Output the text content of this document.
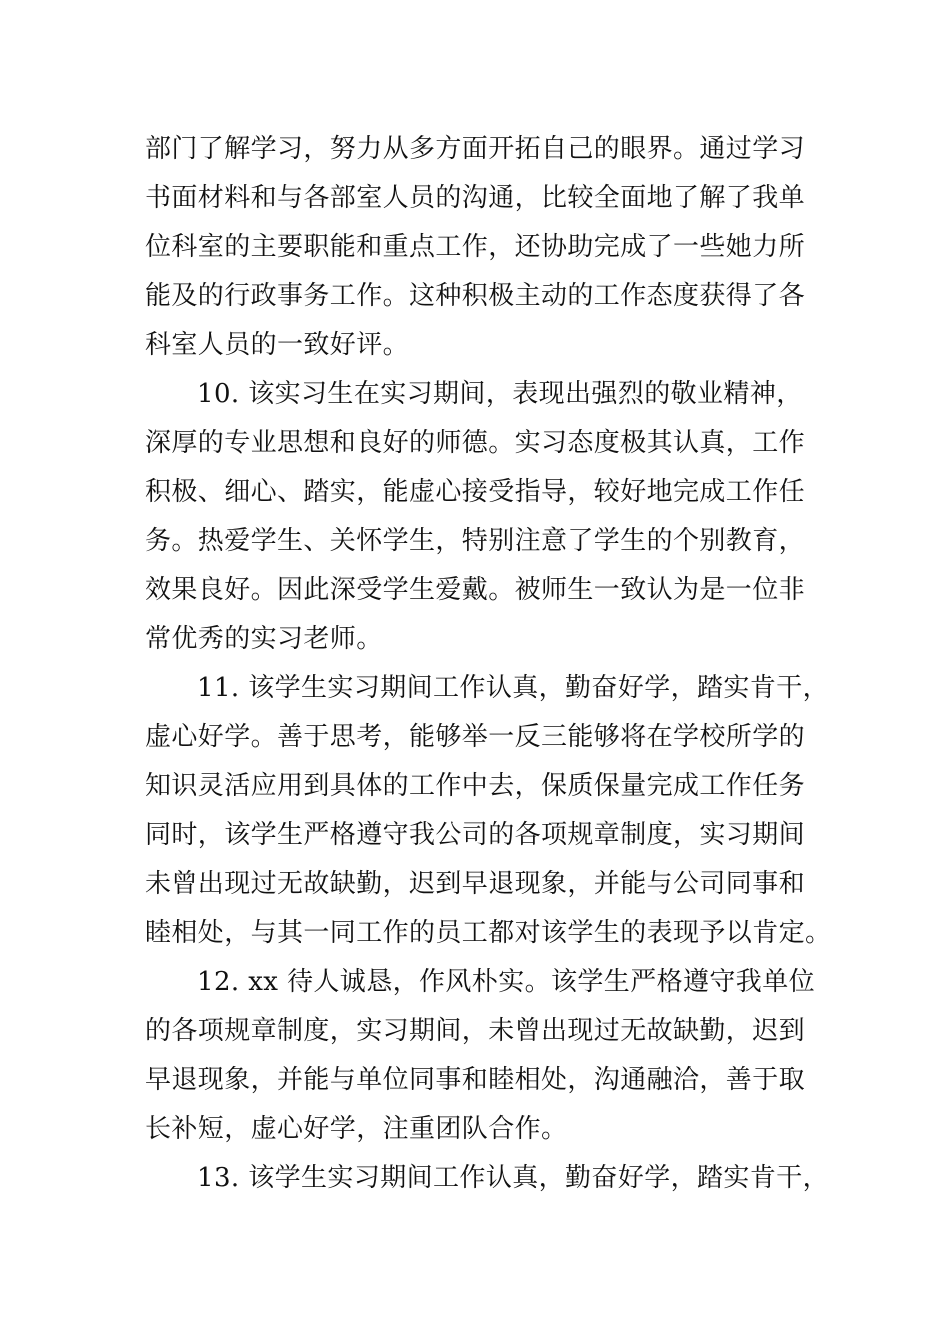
部门了解学习，努力从多方面开拓自己的眼界。通过学习
书面材料和与各部室人员的沟通，比较全面地了解了我单
位科室的主要职能和重点工作，还协助完成了一些她力所
能及的行政事务工作。这种积极主动的工作态度获得了各
科室人员的一致好评。
10. 该实习生在实习期间，表现出强烈的敬业精神，
深厚的专业思想和良好的师德。实习态度极其认真，工作
积极、细心、踏实，能虚心接受指导，较好地完成工作任
务。热爱学生、关怀学生，特别注意了学生的个别教育，
效果良好。因此深受学生爱戴。被师生一致认为是一位非
常优秀的实习老师。
11. 该学生实习期间工作认真，勤奋好学，踏实肯干，
虚心好学。善于思考，能够举一反三能够将在学校所学的
知识灵活应用到具体的工作中去，保质保量完成工作任务
同时，该学生严格遵守我公司的各项规章制度，实习期间
未曾出现过无故缺勤，迟到早退现象，并能与公司同事和
睦相处，与其一同工作的员工都对该学生的表现予以肯定。
12. xx 待人诚恳，作风朴实。该学生严格遵守我单位
的各项规章制度，实习期间，未曾出现过无故缺勤，迟到
早退现象，并能与单位同事和睦相处，沟通融洽，善于取
长补短，虚心好学，注重团队合作。
13. 该学生实习期间工作认真，勤奋好学，踏实肯干，
